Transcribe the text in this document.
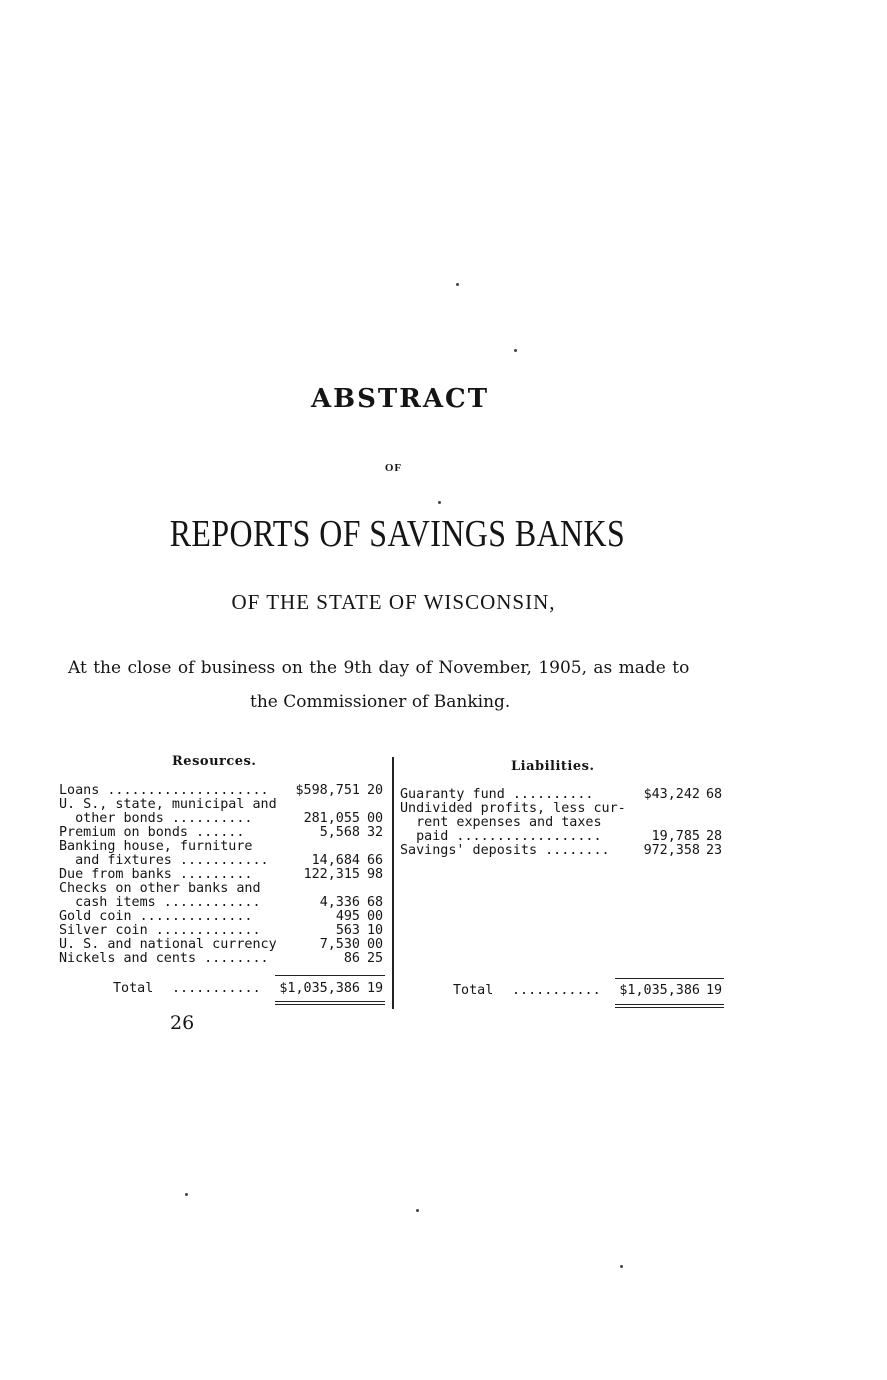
ABSTRACT
OF
REPORTS OF SAVINGS BANKS
OF THE STATE OF WISCONSIN,
At the close of business on the 9th day of November, 1905, as made to
the Commissioner of Banking.
Resources.	Liabilities.
Loans ....................	$598,751 20
U. S., state, municipal and
other bonds ..........	281,055 00
Premium on bonds ......	5,568 32
Banking house, furniture
and fixtures ...........	14,684 66
Due from banks .........	122,315 98
Checks on other banks and
cash items ............	4,336 68
Gold coin ..............	495 00
Silver coin .............	563 10
U. S. and national currency	7,530 00
Nickels and cents ........	86 25
Total ...........	$1,035,386 19
Guaranty fund ..........	$43,242 68
Undivided profits, less cur-
rent expenses and taxes
paid ..................	19,785 28
Savings' deposits ........	972,358 23
Total ...........	$1,035,386 19
26
